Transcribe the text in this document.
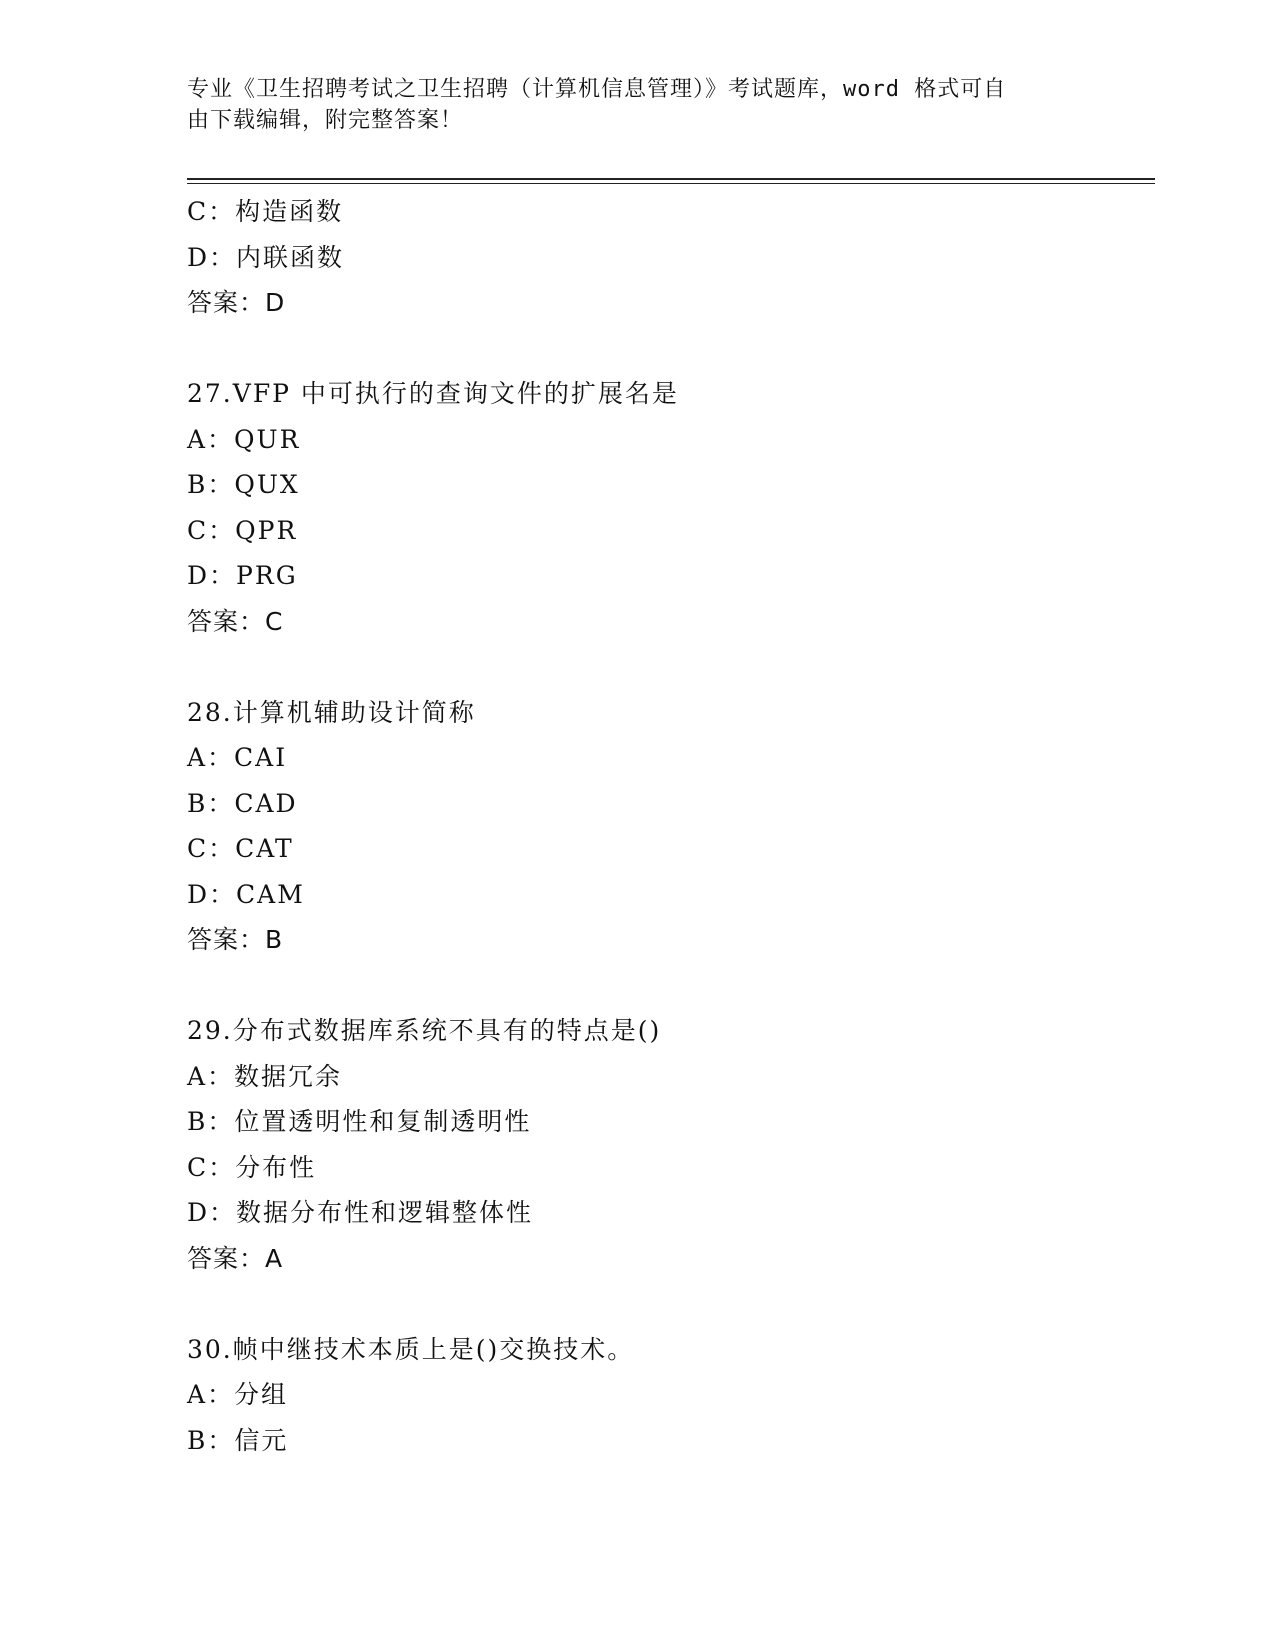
专业《卫生招聘考试之卫生招聘（计算机信息管理）》考试题库，word 格式可自
由下载编辑，附完整答案！
C：构造函数
D：内联函数
答案：D
27.VFP 中可执行的查询文件的扩展名是
A：QUR
B：QUX
C：QPR
D：PRG
答案：C
28.计算机辅助设计简称
A：CAI
B：CAD
C：CAT
D：CAM
答案：B
29.分布式数据库系统不具有的特点是()
A：数据冗余
B：位置透明性和复制透明性
C：分布性
D：数据分布性和逻辑整体性
答案：A
30.帧中继技术本质上是()交换技术。
A：分组
B：信元
